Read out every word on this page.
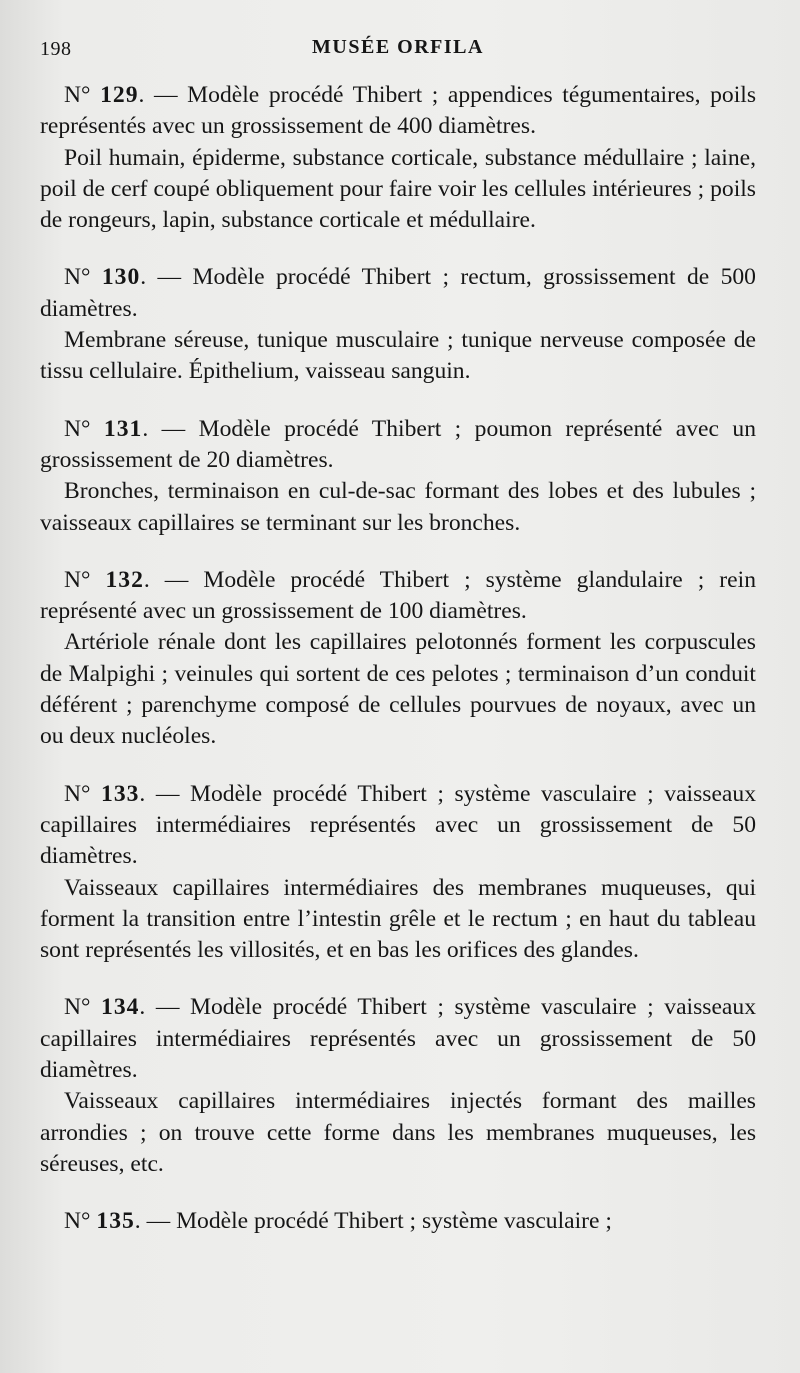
198	MUSÉE ORFILA

N° 129. — Modèle procédé Thibert ; appendices tégumentaires, poils représentés avec un grossissement de 400 diamètres.

Poil humain, épiderme, substance corticale, substance médullaire ; laine, poil de cerf coupé obliquement pour faire voir les cellules intérieures ; poils de rongeurs, lapin, substance corticale et médullaire.

N° 130. — Modèle procédé Thibert ; rectum, grossissement de 500 diamètres.

Membrane séreuse, tunique musculaire ; tunique nerveuse composée de tissu cellulaire. Épithelium, vaisseau sanguin.

N° 131. — Modèle procédé Thibert ; poumon représenté avec un grossissement de 20 diamètres.

Bronches, terminaison en cul-de-sac formant des lobes et des lubules ; vaisseaux capillaires se terminant sur les bronches.

N° 132. — Modèle procédé Thibert ; système glandulaire ; rein représenté avec un grossissement de 100 diamètres.

Artériole rénale dont les capillaires pelotonnés forment les corpuscules de Malpighi ; veinules qui sortent de ces pelotes ; terminaison d’un conduit déférent ; parenchyme composé de cellules pourvues de noyaux, avec un ou deux nucléoles.

N° 133. — Modèle procédé Thibert ; système vasculaire ; vaisseaux capillaires intermédiaires représentés avec un grossissement de 50 diamètres.

Vaisseaux capillaires intermédiaires des membranes muqueuses, qui forment la transition entre l’intestin grêle et le rectum ; en haut du tableau sont représentés les villosités, et en bas les orifices des glandes.

N° 134. — Modèle procédé Thibert ; système vasculaire ; vaisseaux capillaires intermédiaires représentés avec un grossissement de 50 diamètres.

Vaisseaux capillaires intermédiaires injectés formant des mailles arrondies ; on trouve cette forme dans les membranes muqueuses, les séreuses, etc.

N° 135. — Modèle procédé Thibert ; système vasculaire ;
